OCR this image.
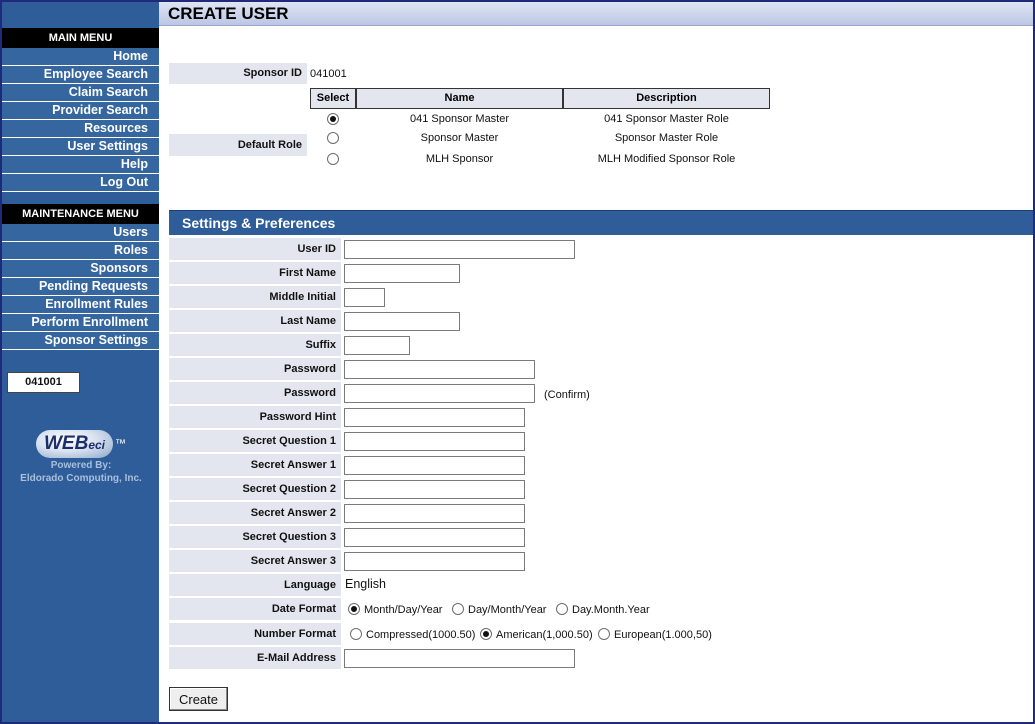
MAIN MENU
Home
Employee Search
Claim Search
Provider Search
Resources
User Settings
Help
Log Out
MAINTENANCE MENU
Users
Roles
Sponsors
Pending Requests
Enrollment Rules
Perform Enrollment
Sponsor Settings
041001
WEBeci ™
Powered By:
Eldorado Computing, Inc.
CREATE USER
Sponsor ID 041001
Default Role
Select	Name	Description
041 Sponsor Master	041 Sponsor Master Role
Sponsor Master	Sponsor Master Role
MLH Sponsor	MLH Modified Sponsor Role
Settings & Preferences
User ID
First Name
Middle Initial
Last Name
Suffix
Password
Password	(Confirm)
Password Hint
Secret Question 1
Secret Answer 1
Secret Question 2
Secret Answer 2
Secret Question 3
Secret Answer 3
Language English
Date Format	Month/Day/Year Day/Month/Year Day.Month.Year
Number Format	Compressed(1000.50) American(1,000.50) European(1.000,50)
E-Mail Address
Create
